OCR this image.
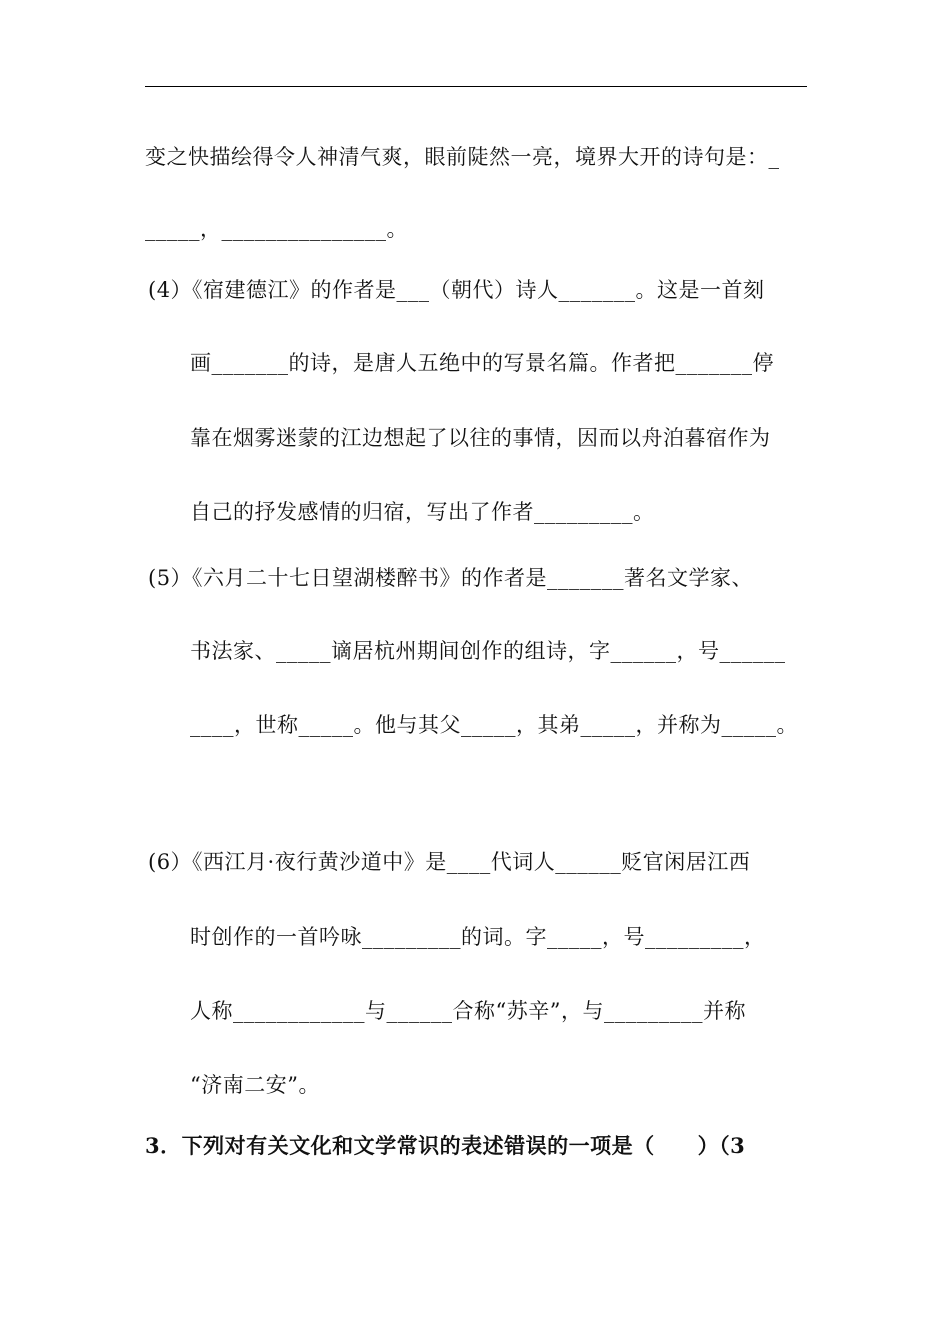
变之快描绘得令人神清气爽，眼前陡然一亮，境界大开的诗句是：_
_____，_______________。
(4）《宿建德江》的作者是___（朝代）诗人_______。这是一首刻
画_______的诗，是唐人五绝中的写景名篇。作者把_______停
靠在烟雾迷蒙的江边想起了以往的事情，因而以舟泊暮宿作为
自己的抒发感情的归宿，写出了作者_________。
(5）《六月二十七日望湖楼醉书》的作者是_______著名文学家、
书法家、_____谪居杭州期间创作的组诗，字______，号______
____，世称_____。他与其父_____，其弟_____，并称为_____。
(6）《西江月·夜行黄沙道中》是____代词人______贬官闲居江西
时创作的一首吟咏_________的词。字_____，号_________，
人称____________与______合称“苏辛”，与_________并称
“济南二安”。
3．下列对有关文化和文学常识的表述错误的一项是（　　）（3
